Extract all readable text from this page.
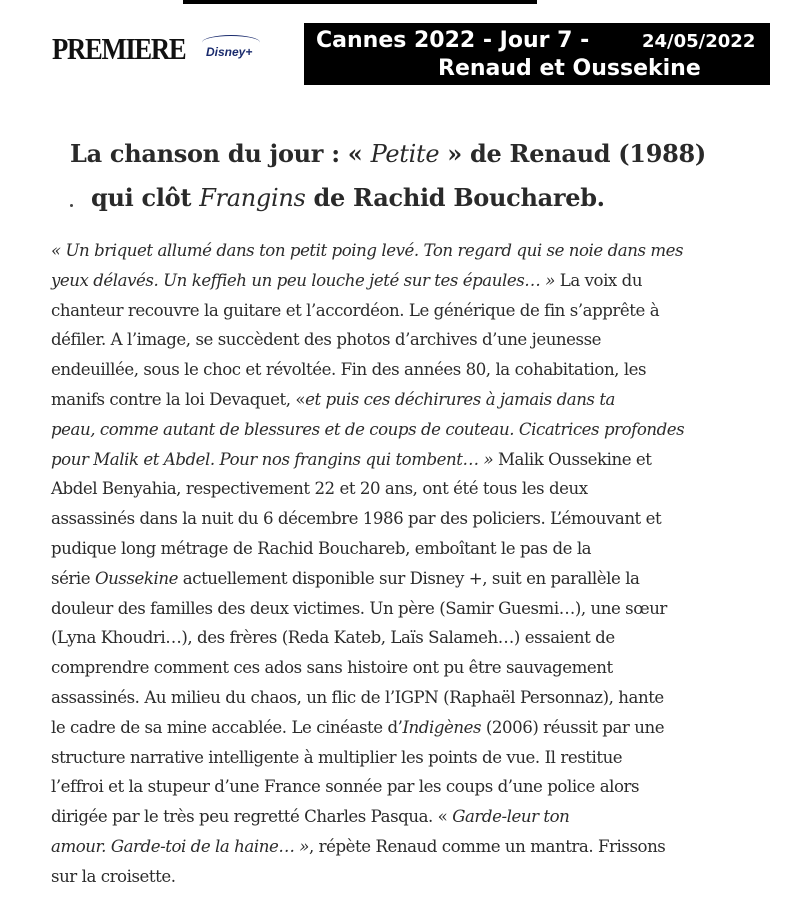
PREMIERE Disney+	Cannes 2022 - Jour 7 -	24/05/2022
Renaud et Oussekine
La chanson du jour : « Petite » de Renaud (1988)
qui clôt Frangins de Rachid Bouchareb.
« Un briquet allumé dans ton petit poing levé. Ton regard qui se noie dans mes
yeux délavés. Un keffieh un peu louche jeté sur tes épaules… » La voix du
chanteur recouvre la guitare et l’accordéon. Le générique de fin s’apprête à
défiler. A l’image, se succèdent des photos d’archives d’une jeunesse
endeuillée, sous le choc et révoltée. Fin des années 80, la cohabitation, les
manifs contre la loi Devaquet, «et puis ces déchirures à jamais dans ta
peau, comme autant de blessures et de coups de couteau. Cicatrices profondes
pour Malik et Abdel. Pour nos frangins qui tombent… » Malik Oussekine et
Abdel Benyahia, respectivement 22 et 20 ans, ont été tous les deux
assassinés dans la nuit du 6 décembre 1986 par des policiers. L’émouvant et
pudique long métrage de Rachid Bouchareb, emboîtant le pas de la
série Oussekine actuellement disponible sur Disney +, suit en parallèle la
douleur des familles des deux victimes. Un père (Samir Guesmi…), une sœur
(Lyna Khoudri…), des frères (Reda Kateb, Laïs Salameh…) essaient de
comprendre comment ces ados sans histoire ont pu être sauvagement
assassinés. Au milieu du chaos, un flic de l’IGPN (Raphaël Personnaz), hante
le cadre de sa mine accablée. Le cinéaste d’Indigènes (2006) réussit par une
structure narrative intelligente à multiplier les points de vue. Il restitue
l’effroi et la stupeur d’une France sonnée par les coups d’une police alors
dirigée par le très peu regretté Charles Pasqua. « Garde-leur ton
amour. Garde-toi de la haine… », répète Renaud comme un mantra. Frissons
sur la croisette.
